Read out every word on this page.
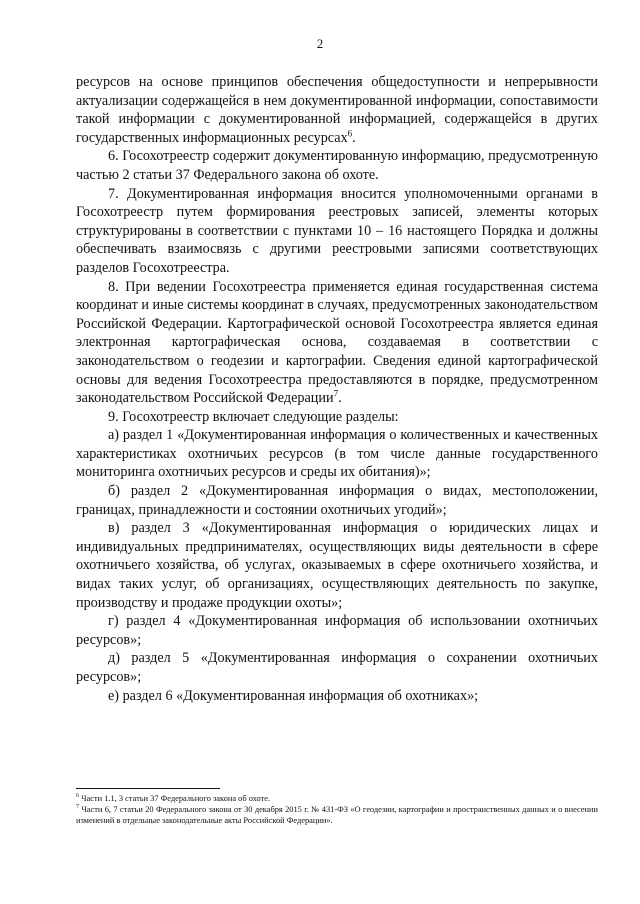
2

ресурсов на основе принципов обеспечения общедоступности и непрерывности актуализации содержащейся в нем документированной информации, сопоставимости такой информации с документированной информацией, содержащейся в других государственных информационных ресурсах$^6$.

6. Госохотреестр содержит документированную информацию, предусмотренную частью 2 статьи 37 Федерального закона об охоте.

7. Документированная информация вносится уполномоченными органами в Госохотреестр путем формирования реестровых записей, элементы которых структурированы в соответствии с пунктами 10 – 16 настоящего Порядка и должны обеспечивать взаимосвязь с другими реестровыми записями соответствующих разделов Госохотреестра.

8. При ведении Госохотреестра применяется единая государственная система координат и иные системы координат в случаях, предусмотренных законодательством Российской Федерации. Картографической основой Госохотреестра является единая электронная картографическая основа, создаваемая в соответствии с законодательством о геодезии и картографии. Сведения единой картографической основы для ведения Госохотреестра предоставляются в порядке, предусмотренном законодательством Российской Федерации$^7$.

9. Госохотреестр включает следующие разделы:

а) раздел 1 «Документированная информация о количественных и качественных характеристиках охотничьих ресурсов (в том числе данные государственного мониторинга охотничьих ресурсов и среды их обитания)»;

б) раздел 2 «Документированная информация о видах, местоположении, границах, принадлежности и состоянии охотничьих угодий»;

в) раздел 3 «Документированная информация о юридических лицах и индивидуальных предпринимателях, осуществляющих виды деятельности в сфере охотничьего хозяйства, об услугах, оказываемых в сфере охотничьего хозяйства, и видах таких услуг, об организациях, осуществляющих деятельность по закупке, производству и продаже продукции охоты»;

г) раздел 4 «Документированная информация об использовании охотничьих ресурсов»;

д) раздел 5 «Документированная информация о сохранении охотничьих ресурсов»;

е) раздел 6 «Документированная информация об охотниках»;

$^6$ Части 1.1, 3 статьи 37 Федерального закона об охоте.

$^7$ Части 6, 7 статьи 20 Федерального закона от 30 декабря 2015 г. № 431-ФЗ «О геодезии, картографии и пространственных данных и о внесении изменений в отдельные законодательные акты Российской Федерации».
